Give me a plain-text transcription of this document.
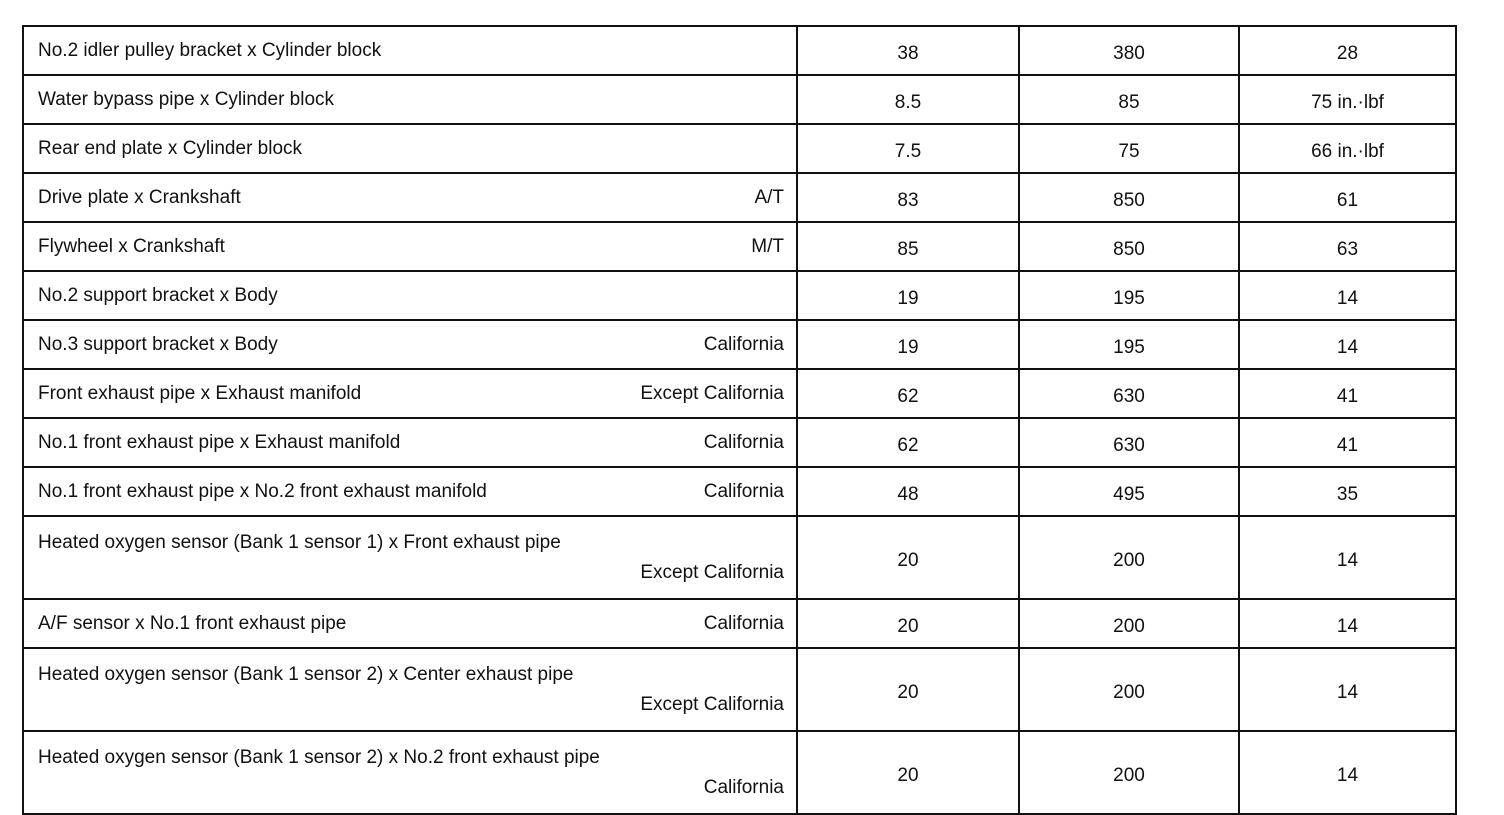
No.2 idler pulley bracket x Cylinder block	38	380	28

Water bypass pipe x Cylinder block	8.5	85	75 in.·lbf

Rear end plate x Cylinder block	7.5	75	66 in.·lbf

Drive plate x Crankshaft A/T	83	850	61

Flywheel x Crankshaft M/T	85	850	63

No.2 support bracket x Body	19	195	14

No.3 support bracket x Body California	19	195	14

Front exhaust pipe x Exhaust manifold Except California	62	630	41

No.1 front exhaust pipe x Exhaust manifold California	62	630	41

No.1 front exhaust pipe x No.2 front exhaust manifold California	48	495	35

Heated oxygen sensor (Bank 1 sensor 1) x Front exhaust pipe
Except California	20	200	14

A/F sensor x No.1 front exhaust pipe California	20	200	14

Heated oxygen sensor (Bank 1 sensor 2) x Center exhaust pipe
Except California	20	200	14

Heated oxygen sensor (Bank 1 sensor 2) x No.2 front exhaust pipe
California	20	200	14
